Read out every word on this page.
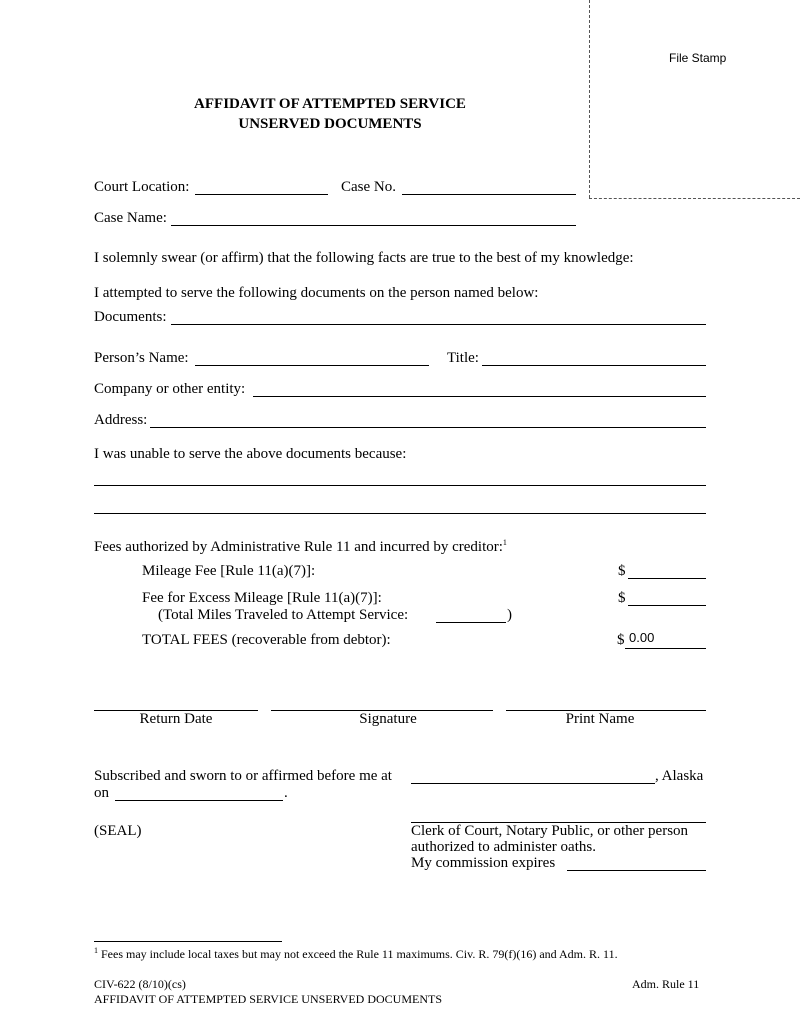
File Stamp
AFFIDAVIT OF ATTEMPTED SERVICE
UNSERVED DOCUMENTS
Court Location:	Case No.
Case Name:
I solemnly swear (or affirm) that the following facts are true to the best of my knowledge:
I attempted to serve the following documents on the person named below:
Documents:
Person’s Name:	Title:
Company or other entity:
Address:
I was unable to serve the above documents because:
Fees authorized by Administrative Rule 11 and incurred by creditor:$^1$
Mileage Fee [Rule 11(a)(7)]:	$
Fee for Excess Mileage [Rule 11(a)(7)]:	$
(Total Miles Traveled to Attempt Service:	)
TOTAL FEES (recoverable from debtor):	$ 0.00
Return Date	Signature	Print Name
Subscribed and sworn to or affirmed before me at	, Alaska
on	.
(SEAL)	Clerk of Court, Notary Public, or other person
authorized to administer oaths.
My commission expires
$^1$ Fees may include local taxes but may not exceed the Rule 11 maximums. Civ. R. 79(f)(16) and Adm. R. 11.
CIV-622 (8/10)(cs)
AFFIDAVIT OF ATTEMPTED SERVICE UNSERVED DOCUMENTS
Adm. Rule 11
